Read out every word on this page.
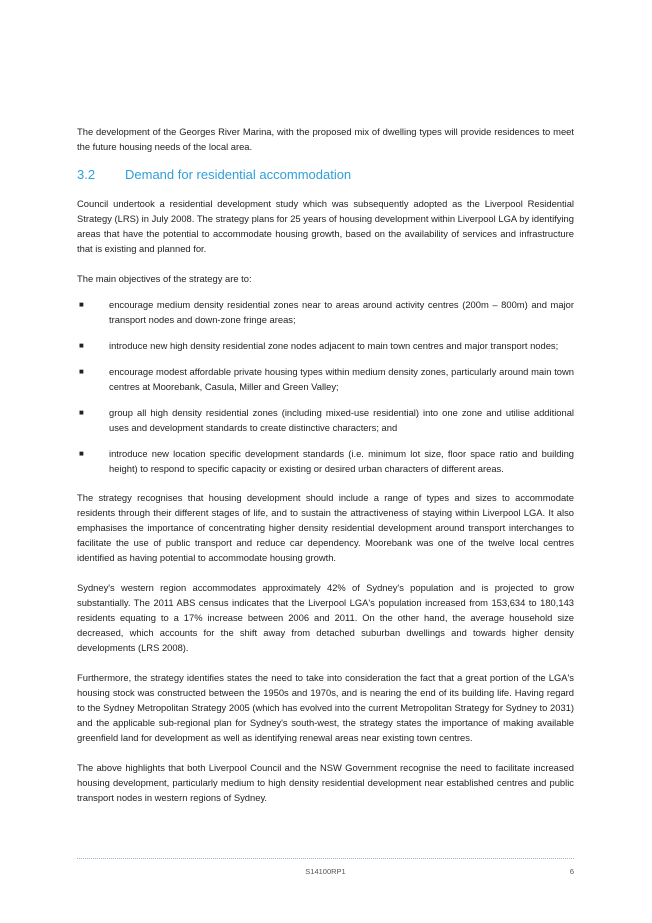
The development of the Georges River Marina, with the proposed mix of dwelling types will provide residences to meet the future housing needs of the local area.

3.2	Demand for residential accommodation

Council undertook a residential development study which was subsequently adopted as the Liverpool Residential Strategy (LRS) in July 2008. The strategy plans for 25 years of housing development within Liverpool LGA by identifying areas that have the potential to accommodate housing growth, based on the availability of services and infrastructure that is existing and planned for.

The main objectives of the strategy are to:

■	encourage medium density residential zones near to areas around activity centres (200m – 800m) and major transport nodes and down-zone fringe areas;
■	introduce new high density residential zone nodes adjacent to main town centres and major transport nodes;
■	encourage modest affordable private housing types within medium density zones, particularly around main town centres at Moorebank, Casula, Miller and Green Valley;
■	group all high density residential zones (including mixed-use residential) into one zone and utilise additional uses and development standards to create distinctive characters; and
■	introduce new location specific development standards (i.e. minimum lot size, floor space ratio and building height) to respond to specific capacity or existing or desired urban characters of different areas.

The strategy recognises that housing development should include a range of types and sizes to accommodate residents through their different stages of life, and to sustain the attractiveness of staying within Liverpool LGA. It also emphasises the importance of concentrating higher density residential development around transport interchanges to facilitate the use of public transport and reduce car dependency. Moorebank was one of the twelve local centres identified as having potential to accommodate housing growth.

Sydney's western region accommodates approximately 42% of Sydney's population and is projected to grow substantially. The 2011 ABS census indicates that the Liverpool LGA's population increased from 153,634 to 180,143 residents equating to a 17% increase between 2006 and 2011. On the other hand, the average household size decreased, which accounts for the shift away from detached suburban dwellings and towards higher density developments (LRS 2008).

Furthermore, the strategy identifies states the need to take into consideration the fact that a great portion of the LGA's housing stock was constructed between the 1950s and 1970s, and is nearing the end of its building life. Having regard to the Sydney Metropolitan Strategy 2005 (which has evolved into the current Metropolitan Strategy for Sydney to 2031) and the applicable sub-regional plan for Sydney's south-west, the strategy states the importance of making available greenfield land for development as well as identifying renewal areas near existing town centres.

The above highlights that both Liverpool Council and the NSW Government recognise the need to facilitate increased housing development, particularly medium to high density residential development near established centres and public transport nodes in western regions of Sydney.

S14100RP1	6
